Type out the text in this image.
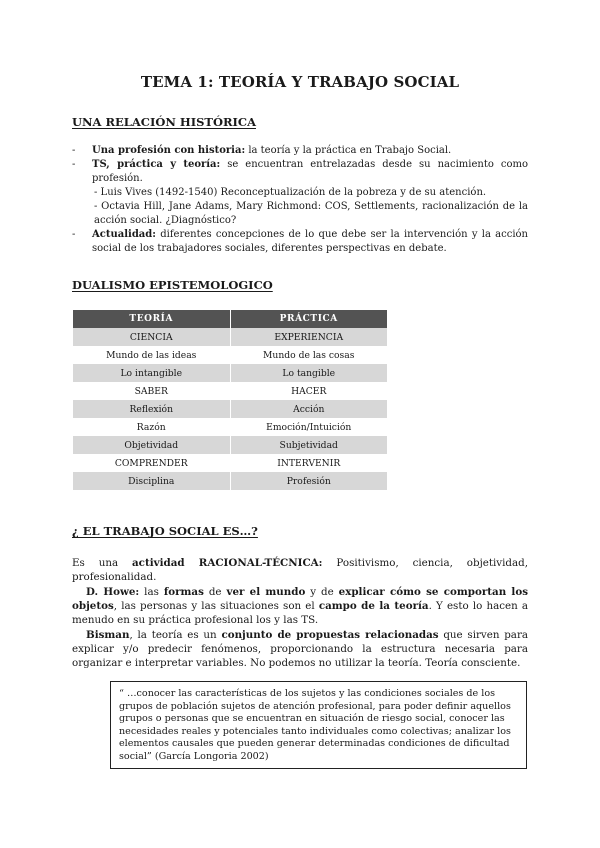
TEMA 1: TEORÍA Y TRABAJO SOCIAL
UNA RELACIÓN HISTÓRICA
- Una profesión con historia: la teoría y la práctica en Trabajo Social.
- TS, práctica y teoría: se encuentran entrelazadas desde su nacimiento como profesión.
- Luis Vives (1492-1540) Reconceptualización de la pobreza y de su atención.
- Octavia Hill, Jane Adams, Mary Richmond: COS, Settlements, racionalización de la acción social. ¿Diagnóstico?
- Actualidad: diferentes concepciones de lo que debe ser la intervención y la acción social de los trabajadores sociales, diferentes perspectivas en debate.
DUALISMO EPISTEMOLOGICO
TEORÍA	PRÁCTICA
CIENCIA	EXPERIENCIA
Mundo de las ideas	Mundo de las cosas
Lo intangible	Lo tangible
SABER	HACER
Reflexión	Acción
Razón	Emoción/Intuición
Objetividad	Subjetividad
COMPRENDER	INTERVENIR
Disciplina	Profesión
¿ EL TRABAJO SOCIAL ES…?
Es una actividad RACIONAL-TÉCNICA: Positivismo, ciencia, objetividad, profesionalidad.
D. Howe: las formas de ver el mundo y de explicar cómo se comportan los objetos, las personas y las situaciones son el campo de la teoría. Y esto lo hacen a menudo en su práctica profesional los y las TS.
Bisman, la teoría es un conjunto de propuestas relacionadas que sirven para explicar y/o predecir fenómenos, proporcionando la estructura necesaria para organizar e interpretar variables. No podemos no utilizar la teoría. Teoría consciente.
“ …conocer las características de los sujetos y las condiciones sociales de los grupos de población sujetos de atención profesional, para poder definir aquellos grupos o personas que se encuentran en situación de riesgo social, conocer las necesidades reales y potenciales tanto individuales como colectivas; analizar los elementos causales que pueden generar determinadas condiciones de dificultad social” (García Longoria 2002)
